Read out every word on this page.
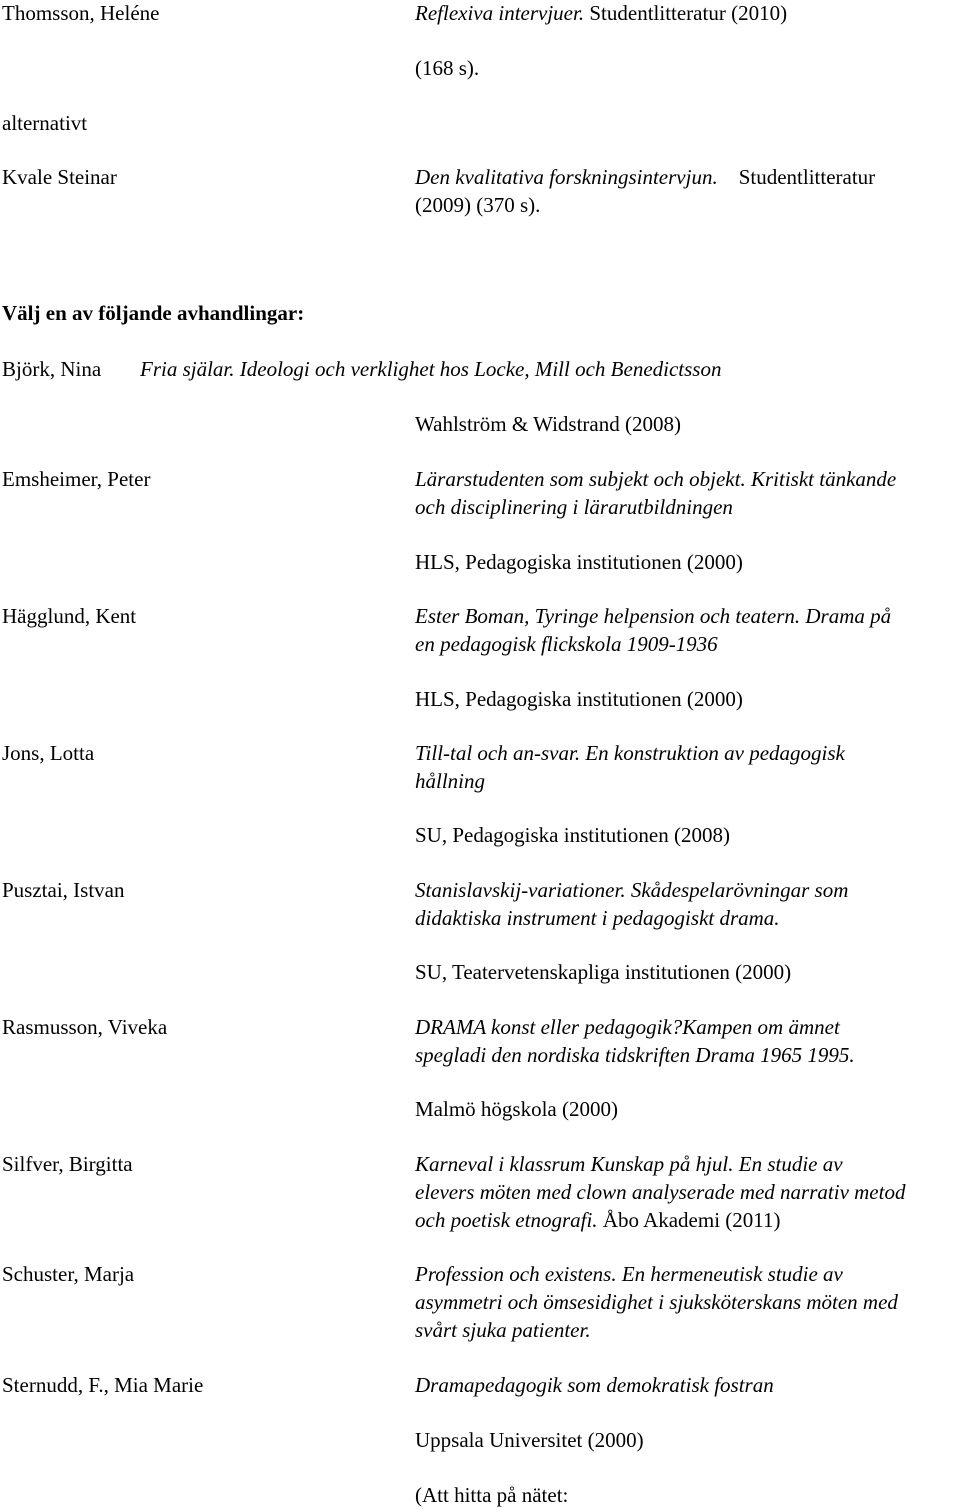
Thomsson, Heléne	Reflexiva intervjuer. Studentlitteratur (2010)
(168 s).
alternativt
Kvale Steinar	Den kvalitativa forskningsintervjun. Studentlitteratur
(2009) (370 s).
Välj en av följande avhandlingar:
Björk, Nina Fria själar. Ideologi och verklighet hos Locke, Mill och Benedictsson
Wahlström & Widstrand (2008)
Emsheimer, Peter	Lärarstudenten som subjekt och objekt. Kritiskt tänkande
och disciplinering i lärarutbildningen
HLS, Pedagogiska institutionen (2000)
Hägglund, Kent	Ester Boman, Tyringe helpension och teatern. Drama på
en pedagogisk flickskola 1909-1936
HLS, Pedagogiska institutionen (2000)
Jons, Lotta	Till-tal och an-svar. En konstruktion av pedagogisk
hållning
SU, Pedagogiska institutionen (2008)
Pusztai, Istvan	Stanislavskij-variationer. Skådespelarövningar som
didaktiska instrument i pedagogiskt drama.
SU, Teatervetenskapliga institutionen (2000)
Rasmusson, Viveka	DRAMA konst eller pedagogik?Kampen om ämnet
spegladi den nordiska tidskriften Drama 1965 1995.
Malmö högskola (2000)
Silfver, Birgitta	Karneval i klassrum Kunskap på hjul. En studie av
elevers möten med clown analyserade med narrativ metod
och poetisk etnografi. Åbo Akademi (2011)
Schuster, Marja	Profession och existens. En hermeneutisk studie av
asymmetri och ömsesidighet i sjuksköterskans möten med
svårt sjuka patienter.
Sternudd, F., Mia Marie	Dramapedagogik som demokratisk fostran
Uppsala Universitet (2000)
(Att hitta på nätet:
